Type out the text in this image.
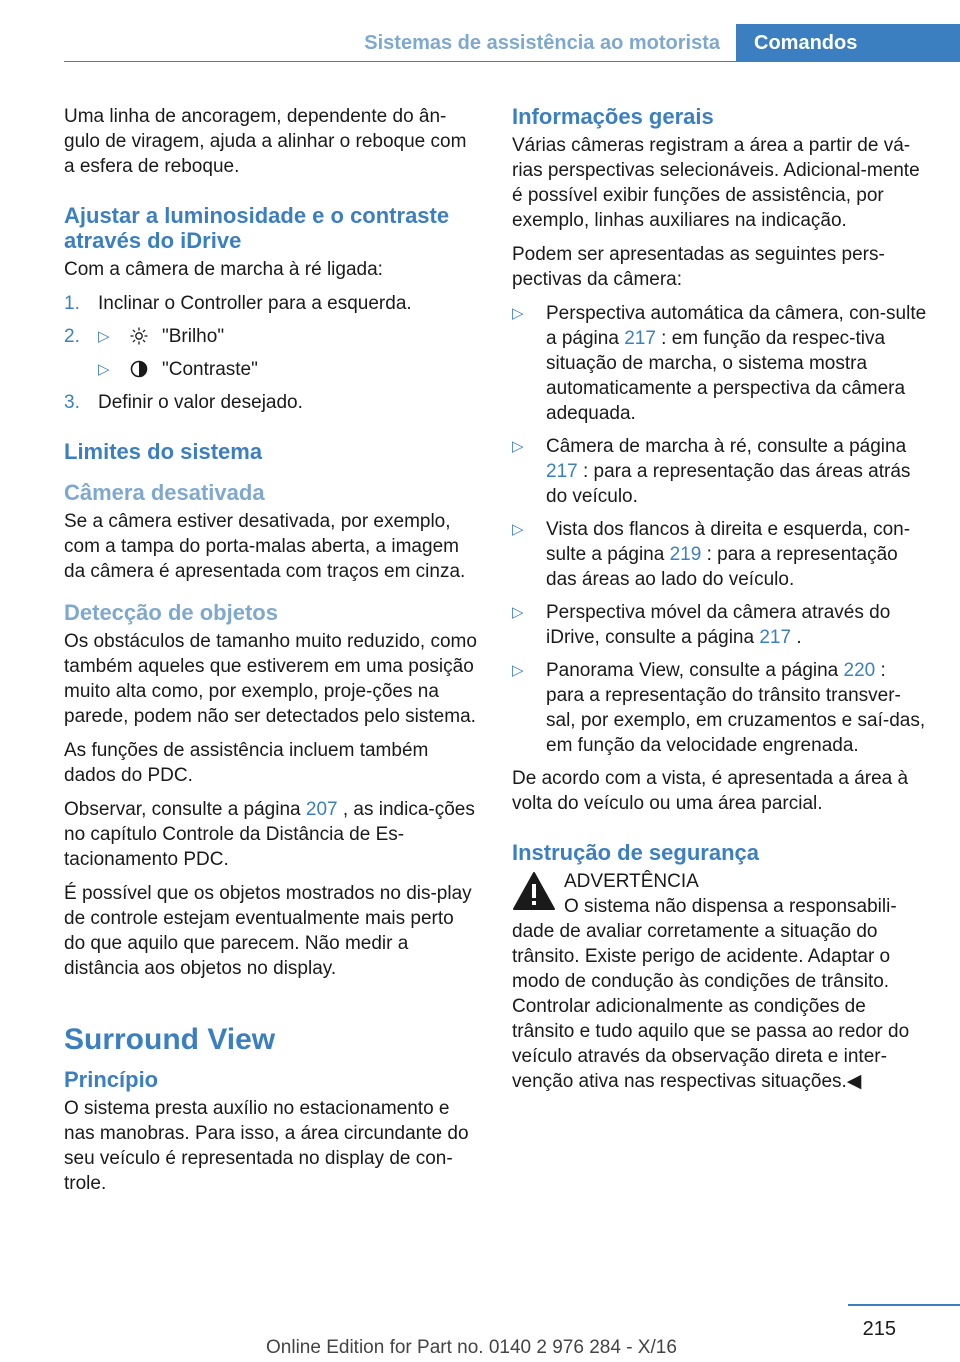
Sistemas de assistência ao motorista	Comandos

Uma linha de ancoragem, dependente do ân-gulo de viragem, ajuda a alinhar o reboque com a esfera de reboque.

Ajustar a luminosidade e o contraste através do iDrive

Com a câmera de marcha à ré ligada:

1. Inclinar o Controller para a esquerda.
2. ▷	"Brilho"
▷	"Contraste"
3. Definir o valor desejado.
Limites do sistema
Câmera desativada

Se a câmera estiver desativada, por exemplo, com a tampa do porta-malas aberta, a imagem da câmera é apresentada com traços em cinza.

Detecção de objetos

Os obstáculos de tamanho muito reduzido, como também aqueles que estiverem em uma posição muito alta como, por exemplo, proje-ções na parede, podem não ser detectados pelo sistema.

As funções de assistência incluem também dados do PDC.

Observar, consulte a página 207 , as indica-ções no capítulo Controle da Distância de Es-tacionamento PDC.

É possível que os objetos mostrados no dis-play de controle estejam eventualmente mais perto do que aquilo que parecem. Não medir a distância aos objetos no display.

Surround View
Princípio

O sistema presta auxílio no estacionamento e nas manobras. Para isso, a área circundante do seu veículo é representada no display de con-trole.

Informações gerais

Várias câmeras registram a área a partir de vá-rias perspectivas selecionáveis. Adicional-mente é possível exibir funções de assistência, por exemplo, linhas auxiliares na indicação.

Podem ser apresentadas as seguintes pers-pectivas da câmera:

▷ Perspectiva automática da câmera, con-sulte a página 217 : em função da respec-tiva situação de marcha, o sistema mostra automaticamente a perspectiva da câmera adequada.
▷ Câmera de marcha à ré, consulte a página 217 : para a representação das áreas atrás do veículo.
▷ Vista dos flancos à direita e esquerda, con-sulte a página 219 : para a representação das áreas ao lado do veículo.
▷ Perspectiva móvel da câmera através do iDrive, consulte a página 217 .
▷ Panorama View, consulte a página 220 : para a representação do trânsito transver-sal, por exemplo, em cruzamentos e saí-das, em função da velocidade engrenada.

De acordo com a vista, é apresentada a área à volta do veículo ou uma área parcial.

Instrução de segurança
ADVERTÊNCIA
O sistema não dispensa a responsabili-dade de avaliar corretamente a situação do trânsito. Existe perigo de acidente. Adaptar o modo de condução às condições de trânsito. Controlar adicionalmente as condições de trânsito e tudo aquilo que se passa ao redor do veículo através da observação direta e inter-venção ativa nas respectivas situações.◀
215
Online Edition for Part no. 0140 2 976 284 - X/16
